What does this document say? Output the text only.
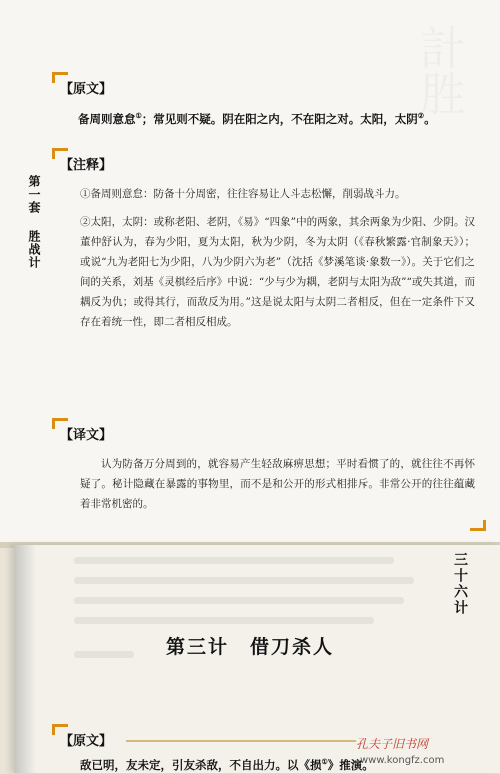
第一套
胜战计
【原文】

备周则意怠①；常见则不疑。阴在阳之内，不在阳之对。太阳，太阴②。

【注释】

①备周则意怠：防备十分周密，往往容易让人斗志松懈，削弱战斗力。

②太阳，太阴：或称老阳、老阴，《易》“四象”中的两象，其余两象为少阳、少阴。汉董仲舒认为，春为少阳，夏为太阳，秋为少阴，冬为太阴（《春秋繁露·官制象天》）；或说“九为老阳七为少阳，八为少阴六为老”（沈括《梦溪笔谈·象数一》）。关于它们之间的关系，刘基《灵棋经后序》中说：“少与少为耦，老阴与太阳为敌”“或失其道，而耦反为仇；或得其行，而敌反为用。”这是说太阳与太阴二者相反，但在一定条件下又存在着统一性，即二者相反相成。

【译文】

认为防备万分周到的，就容易产生轻敌麻痹思想；平时看惯了的，就往往不再怀疑了。秘计隐藏在暴露的事物里，而不是和公开的形式相排斥。非常公开的往往蕴藏着非常机密的。

三十六计
第三计　借刀杀人
【原文】

敌已明，友未定，引友杀敌，不自出力。以《损①》推演。

孔夫子旧书网
www.kongfz.com
